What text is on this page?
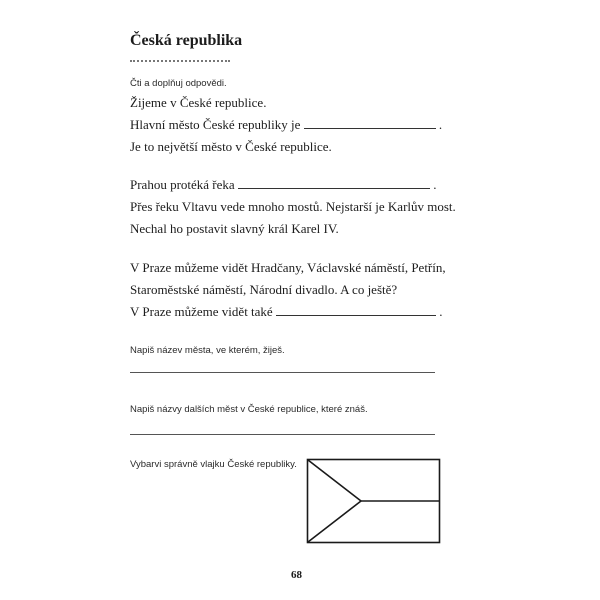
Česká republika
Čti a doplňuj odpovědi.
Žijeme v České republice.
Hlavní město České republiky je	.
Je to největší město v České republice.
Prahou protéká řeka	.
Přes řeku Vltavu vede mnoho mostů. Nejstarší je Karlův most.
Nechal ho postavit slavný král Karel IV.
V Praze můžeme vidět Hradčany, Václavské náměstí, Petřín,
Staroměstské náměstí, Národní divadlo. A co ještě?
V Praze můžeme vidět také	.
Napiš název města, ve kterém, žiješ.
Napiš názvy dalších měst v České republice, které znáš.
Vybarvi správně vlajku České republiky.
68
